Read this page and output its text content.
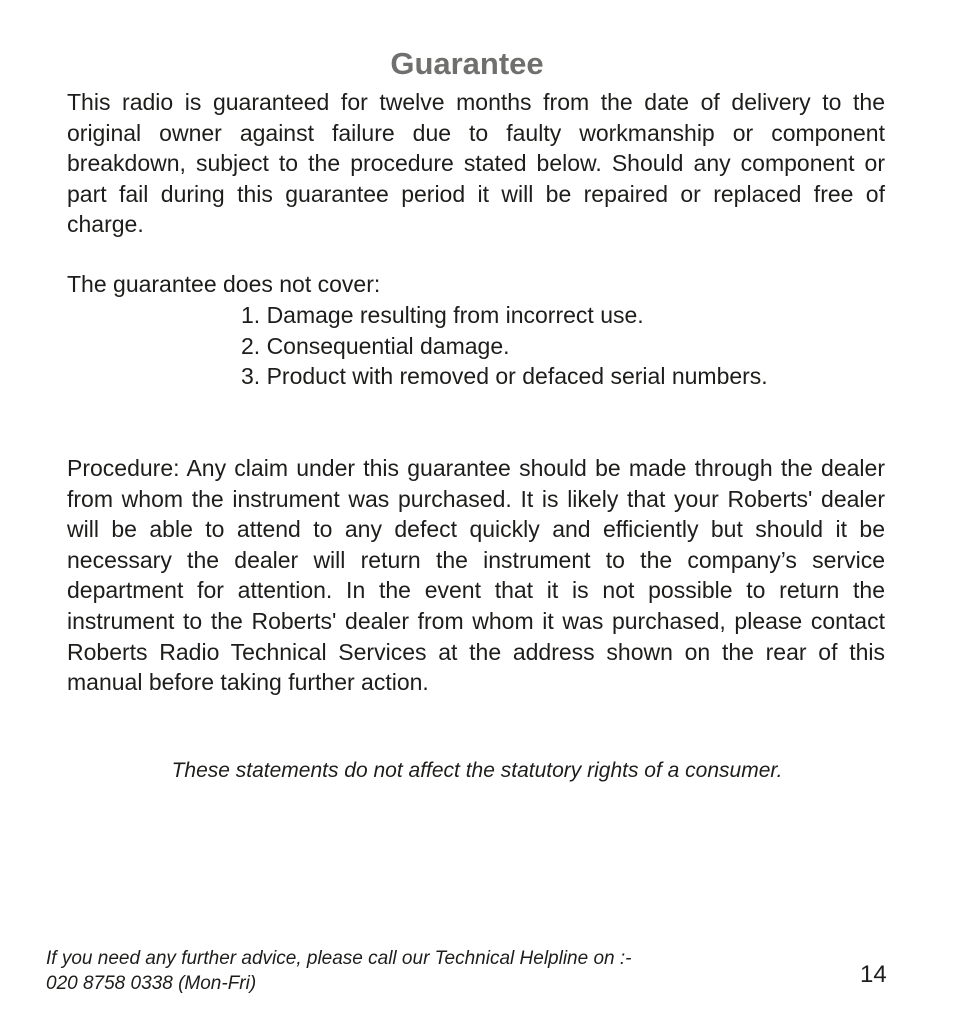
Guarantee

This radio is guaranteed for twelve months from the date of delivery to the original owner against failure due to faulty workmanship or component breakdown, subject to the procedure stated below. Should any component or part fail during this guarantee period it will be repaired or replaced free of charge.

The guarantee does not cover:

1. Damage resulting from incorrect use.
2. Consequential damage.
3. Product with removed or defaced serial numbers.

Procedure: Any claim under this guarantee should be made through the dealer from whom the instrument was purchased. It is likely that your Roberts' dealer will be able to attend to any defect quickly and efficiently but should it be necessary the dealer will return the instrument to the company’s service department for attention. In the event that it is not possible to return the instrument to the Roberts' dealer from whom it was purchased, please contact Roberts Radio Technical Services at the address shown on the rear of this manual before taking further action.

These statements do not affect the statutory rights of a consumer.
If you need any further advice, please call our Technical Helpline on :-
020 8758 0338 (Mon-Fri)	14
